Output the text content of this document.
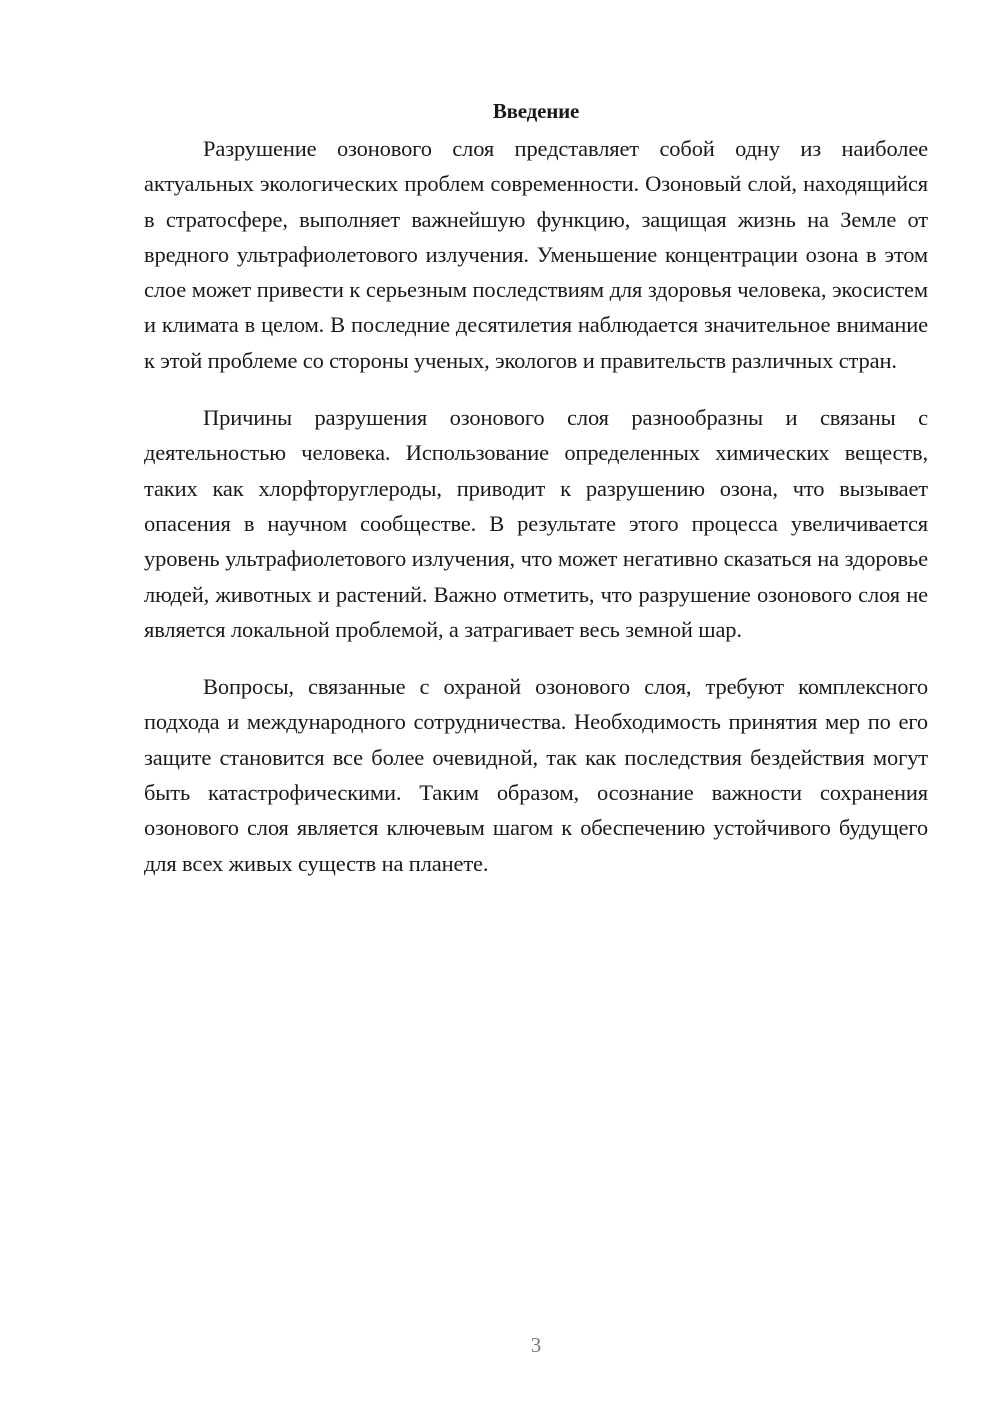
Введение

Разрушение озонового слоя представляет собой одну из наиболее актуальных экологических проблем современности. Озоновый слой, находящийся в стратосфере, выполняет важнейшую функцию, защищая жизнь на Земле от вредного ультрафиолетового излучения. Уменьшение концентрации озона в этом слое может привести к серьезным последствиям для здоровья человека, экосистем и климата в целом. В последние десятилетия наблюдается значительное внимание к этой проблеме со стороны ученых, экологов и правительств различных стран.

Причины разрушения озонового слоя разнообразны и связаны с деятельностью человека. Использование определенных химических веществ, таких как хлорфторуглероды, приводит к разрушению озона, что вызывает опасения в научном сообществе. В результате этого процесса увеличивается уровень ультрафиолетового излучения, что может негативно сказаться на здоровье людей, животных и растений. Важно отметить, что разрушение озонового слоя не является локальной проблемой, а затрагивает весь земной шар.

Вопросы, связанные с охраной озонового слоя, требуют комплексного подхода и международного сотрудничества. Необходимость принятия мер по его защите становится все более очевидной, так как последствия бездействия могут быть катастрофическими. Таким образом, осознание важности сохранения озонового слоя является ключевым шагом к обеспечению устойчивого будущего для всех живых существ на планете.

3
